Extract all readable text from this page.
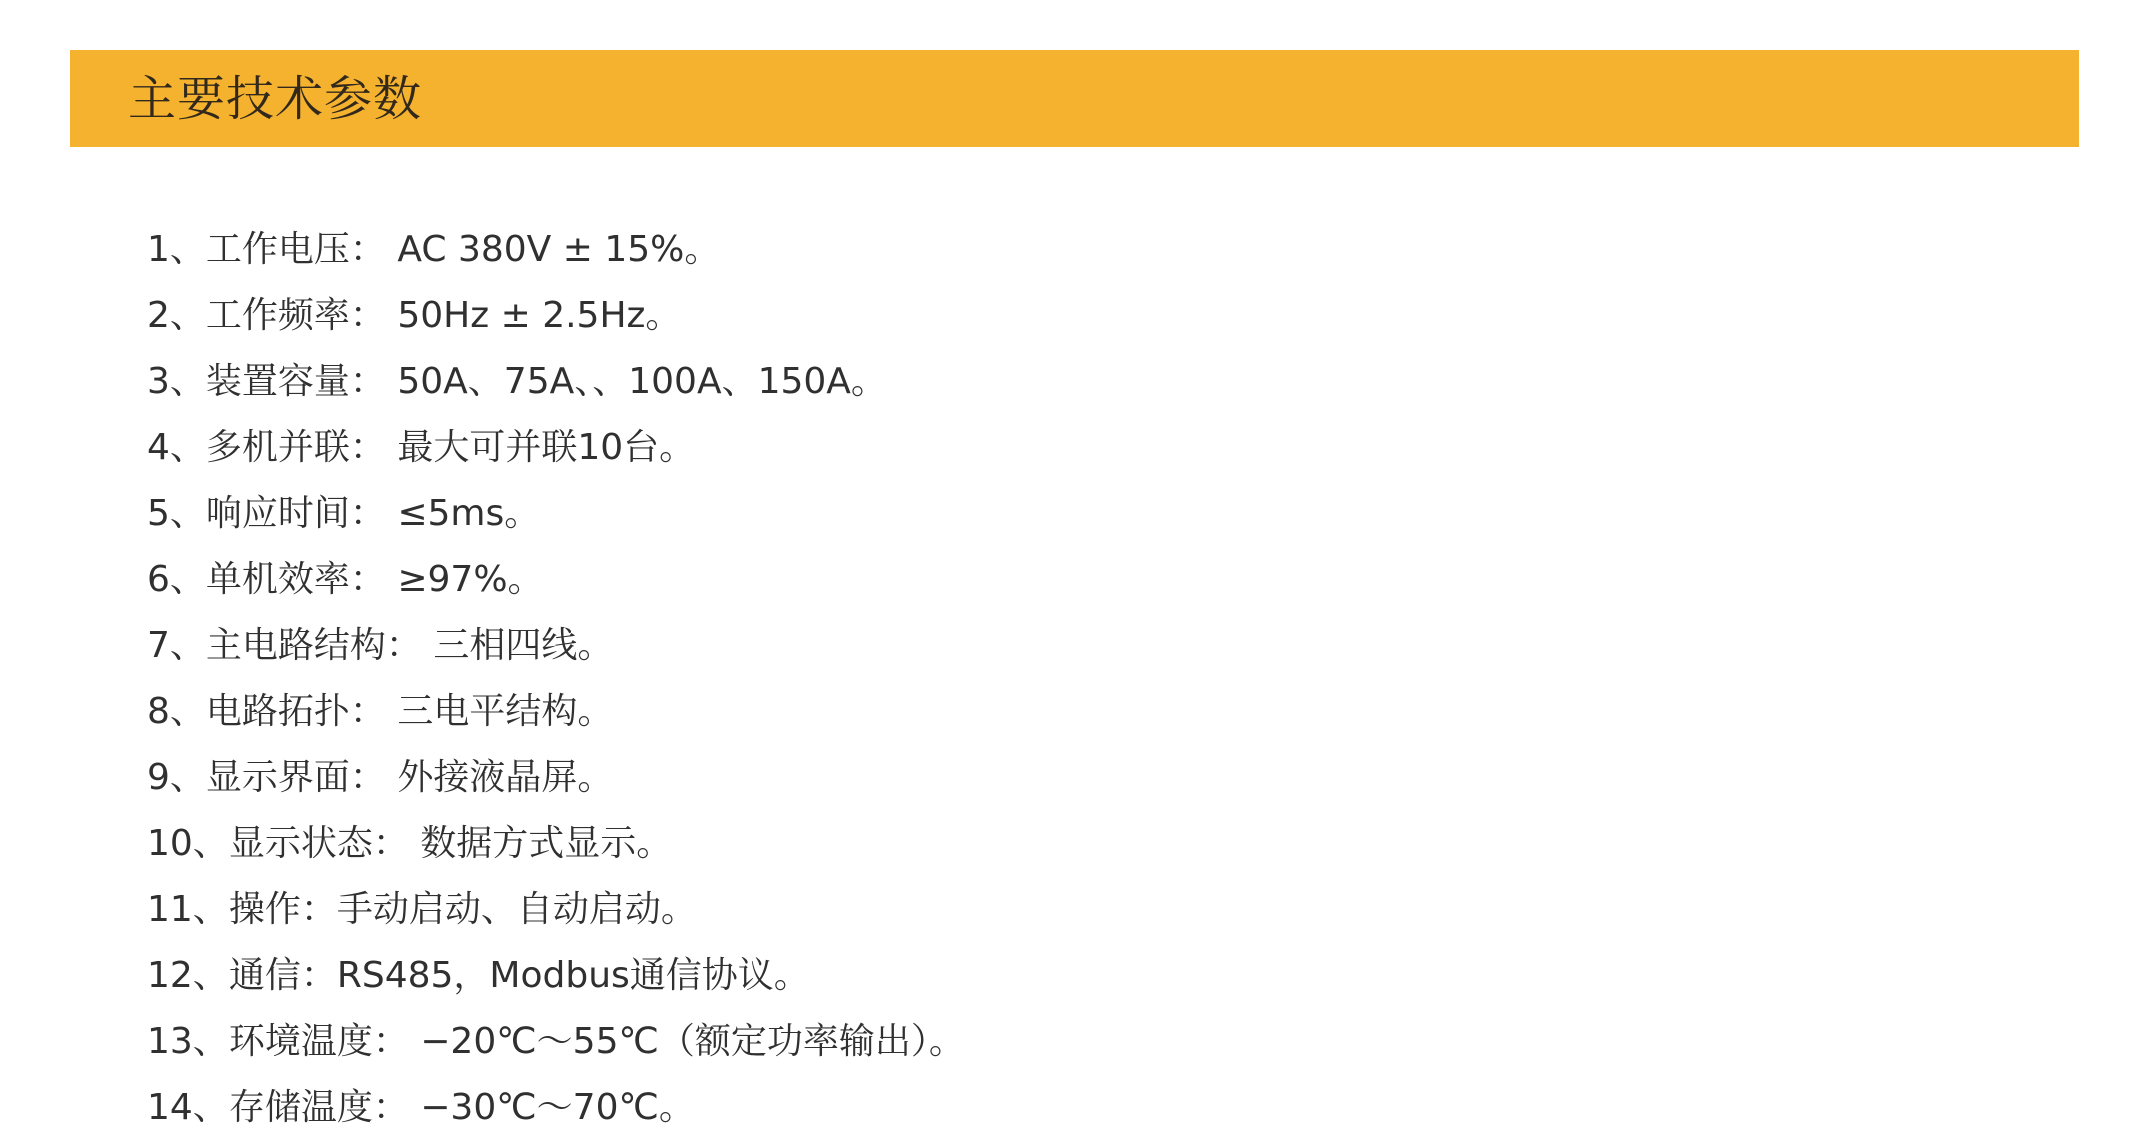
主要技术参数
1、 工作电压： AC 380V ± 15%。
2、 工作频率： 50Hz ± 2.5Hz。
3、 装置容量： 50A、75A、、100A、150A。
4、 多机并联： 最大可并联10台。
5、 响应时间： ≤5ms。
6、 单机效率： ≥97%。
7、 主电路结构： 三相四线。
8、 电路拓扑： 三电平结构。
9、 显示界面： 外接液晶屏。
10、 显示状态： 数据方式显示。
11、 操作： 手动启动、自动启动。
12、 通信： RS485，Modbus通信协议。
13、 环境温度： −20℃～55℃（额定功率输出）。
14、 存储温度： −30℃～70℃。
